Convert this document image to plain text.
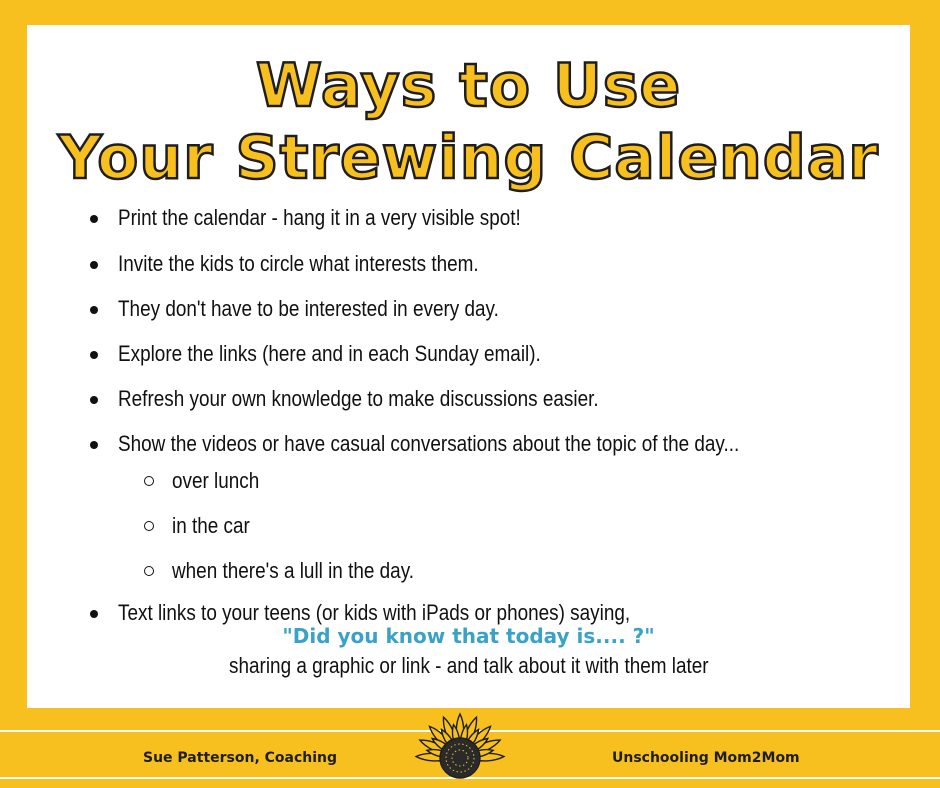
Ways to Use
Your Strewing Calendar
Print the calendar - hang it in a very visible spot!
Invite the kids to circle what interests them.
They don't have to be interested in every day.
Explore the links (here and in each Sunday email).
Refresh your own knowledge to make discussions easier.
Show the videos or have casual conversations about the topic of the day...
over lunch
in the car
when there's a lull in the day.
Text links to your teens (or kids with iPads or phones) saying,
"Did you know that today is.... ?"
sharing a graphic or link - and talk about it with them later
Sue Patterson, Coaching	Unschooling Mom2Mom
